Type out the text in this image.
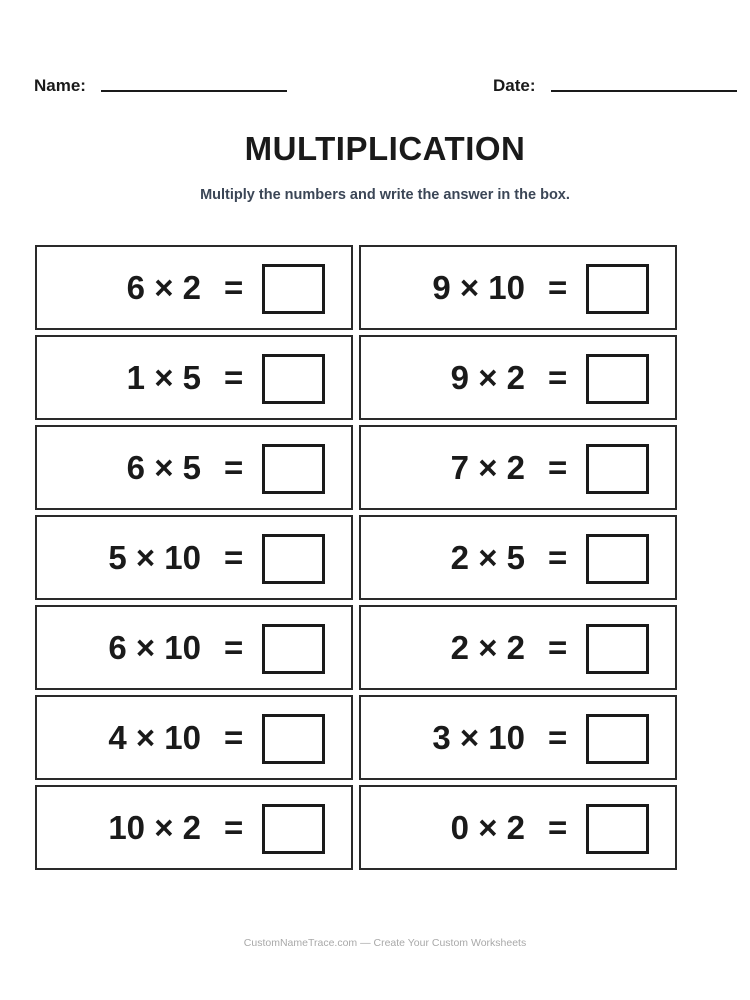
Name:	Date:
MULTIPLICATION
Multiply the numbers and write the answer in the box.
6 × 2 =	9 × 10 =
1 × 5 =	9 × 2 =
6 × 5 =	7 × 2 =
5 × 10 =	2 × 5 =
6 × 10 =	2 × 2 =
4 × 10 =	3 × 10 =
10 × 2 =	0 × 2 =
CustomNameTrace.com — Create Your Custom Worksheets
